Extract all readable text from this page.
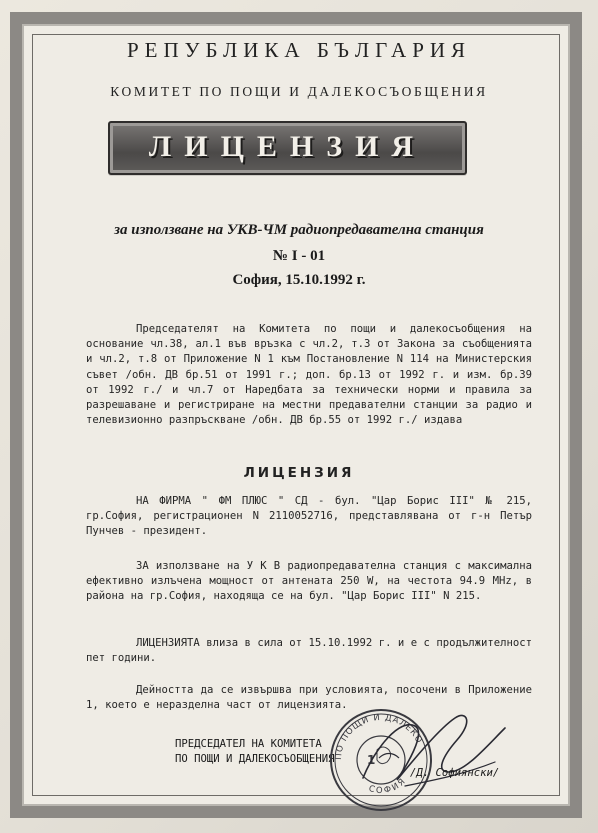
РЕПУБЛИКА БЪЛГАРИЯ
КОМИТЕТ ПО ПОЩИ И ДАЛЕКОСЪОБЩЕНИЯ
ЛИЦЕНЗИЯ
за използване на УКВ-ЧМ радиопредавателна станция
№ I - 01
София, 15.10.1992 г.
Председателят на Комитета по пощи и далекосъобщения на основание чл.38, ал.1 във връзка с чл.2, т.3 от Закона за съобщенията и чл.2, т.8 от Приложение N 1 към Постановление N 114 на Министерския съвет /обн. ДВ бр.51 от 1991 г.; доп. бр.13 от 1992 г. и изм. бр.39 от 1992 г./ и чл.7 от Наредбата за технически норми и правила за разрешаване и регистриране на местни предавателни станции за радио и телевизионно разпръскване /обн. ДВ бр.55 от 1992 г./ издава
ЛИЦЕНЗИЯ
НА ФИРМА " ФМ ПЛЮС " СД - бул. "Цар Борис III" № 215, гр.София, регистрационен N 2110052716, представлявана от г-н Петър Пунчев - президент.
ЗА използване на У К В радиопредавателна станция с максимална ефективно излъчена мощност от антената 250 W, на честота 94.9 MHz, в района на гр.София, находяща се на бул. "Цар Борис III" N 215.
ЛИЦЕНЗИЯТА влиза в сила от 15.10.1992 г. и е с продължителност пет години.
Дейността да се извършва при условията, посочени в Приложение 1, което е неразделна част от лицензията.
ПРЕДСЕДАТЕЛ НА КОМИТЕТА
ПО ПОЩИ И ДАЛЕКОСЪОБЩЕНИЯ ПО ПОЩИ И ДАЛЕКО
СОФИЯ
1
/Д. Софиянски/
